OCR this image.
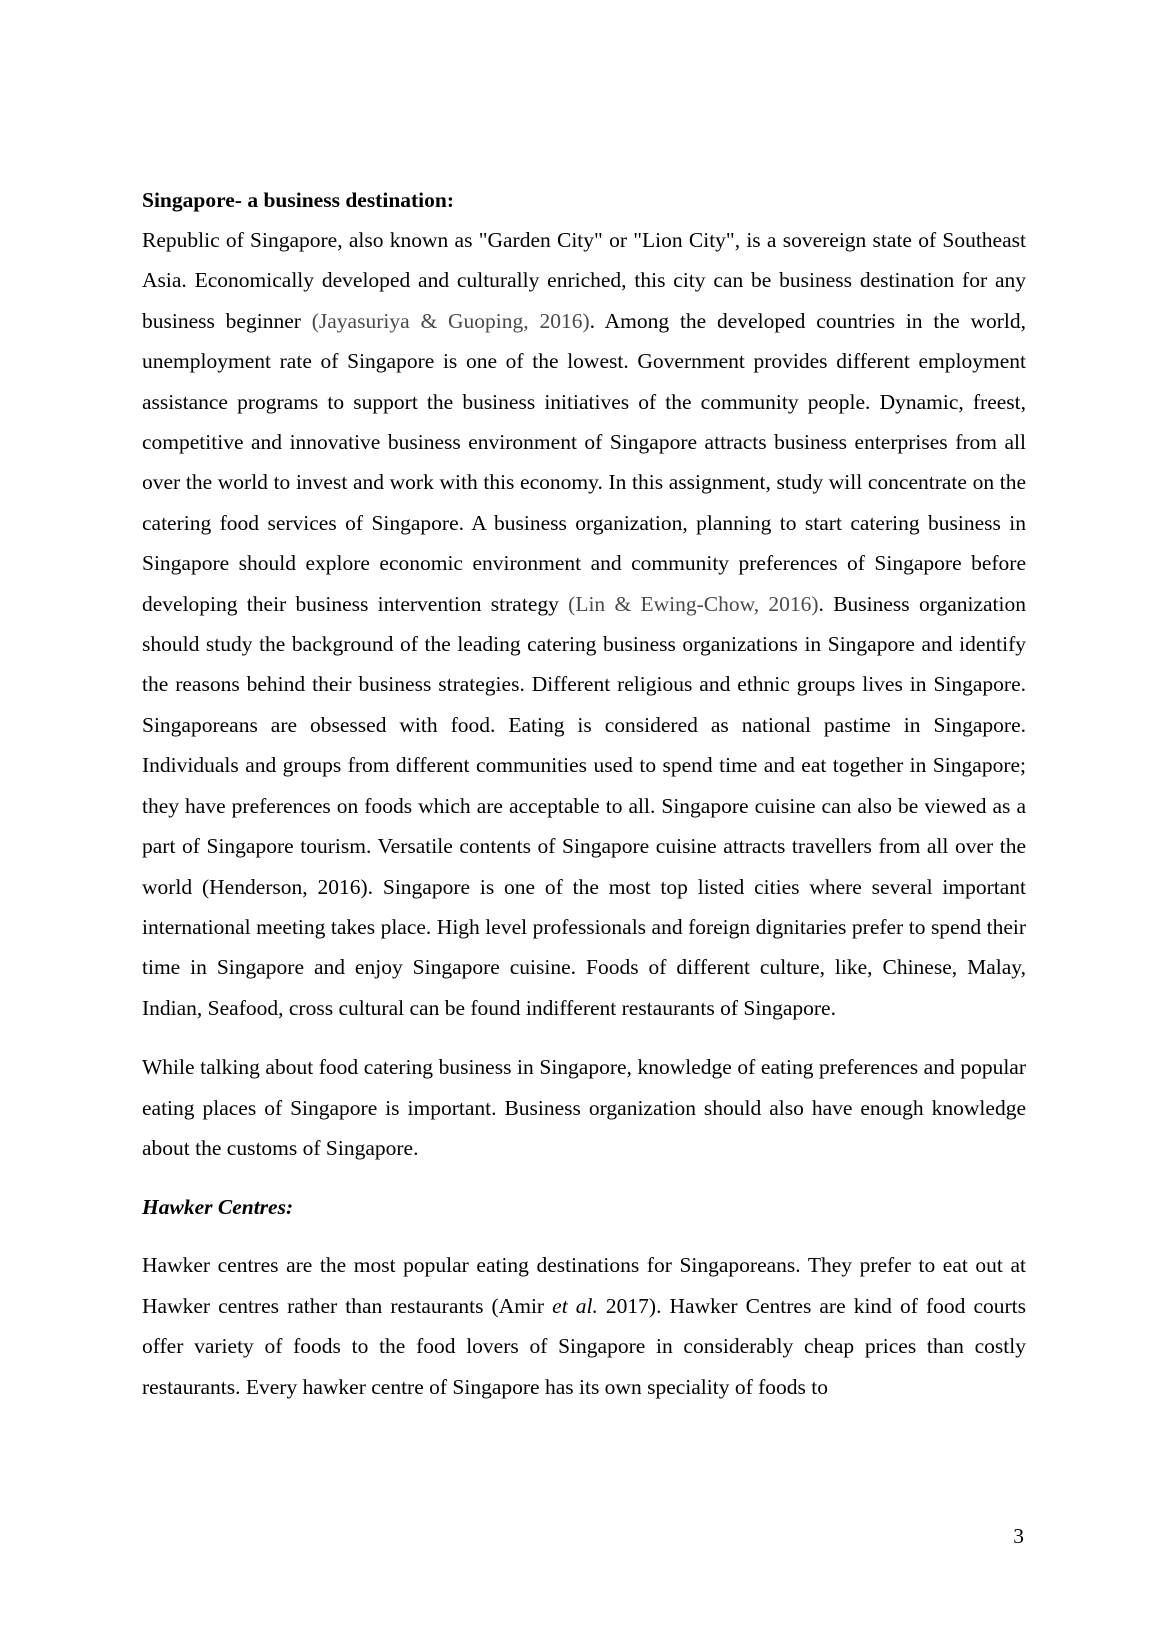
Singapore- a business destination:

Republic of Singapore, also known as "Garden City" or "Lion City", is a sovereign state of Southeast Asia. Economically developed and culturally enriched, this city can be business destination for any business beginner (Jayasuriya & Guoping, 2016). Among the developed countries in the world, unemployment rate of Singapore is one of the lowest. Government provides different employment assistance programs to support the business initiatives of the community people. Dynamic, freest, competitive and innovative business environment of Singapore attracts business enterprises from all over the world to invest and work with this economy. In this assignment, study will concentrate on the catering food services of Singapore. A business organization, planning to start catering business in Singapore should explore economic environment and community preferences of Singapore before developing their business intervention strategy (Lin & Ewing-Chow, 2016). Business organization should study the background of the leading catering business organizations in Singapore and identify the reasons behind their business strategies. Different religious and ethnic groups lives in Singapore. Singaporeans are obsessed with food. Eating is considered as national pastime in Singapore. Individuals and groups from different communities used to spend time and eat together in Singapore; they have preferences on foods which are acceptable to all. Singapore cuisine can also be viewed as a part of Singapore tourism. Versatile contents of Singapore cuisine attracts travellers from all over the world (Henderson, 2016). Singapore is one of the most top listed cities where several important international meeting takes place. High level professionals and foreign dignitaries prefer to spend their time in Singapore and enjoy Singapore cuisine. Foods of different culture, like, Chinese, Malay, Indian, Seafood, cross cultural can be found indifferent restaurants of Singapore.

While talking about food catering business in Singapore, knowledge of eating preferences and popular eating places of Singapore is important. Business organization should also have enough knowledge about the customs of Singapore.

Hawker Centres:

Hawker centres are the most popular eating destinations for Singaporeans. They prefer to eat out at Hawker centres rather than restaurants (Amir et al. 2017). Hawker Centres are kind of food courts offer variety of foods to the food lovers of Singapore in considerably cheap prices than costly restaurants. Every hawker centre of Singapore has its own speciality of foods to

3
